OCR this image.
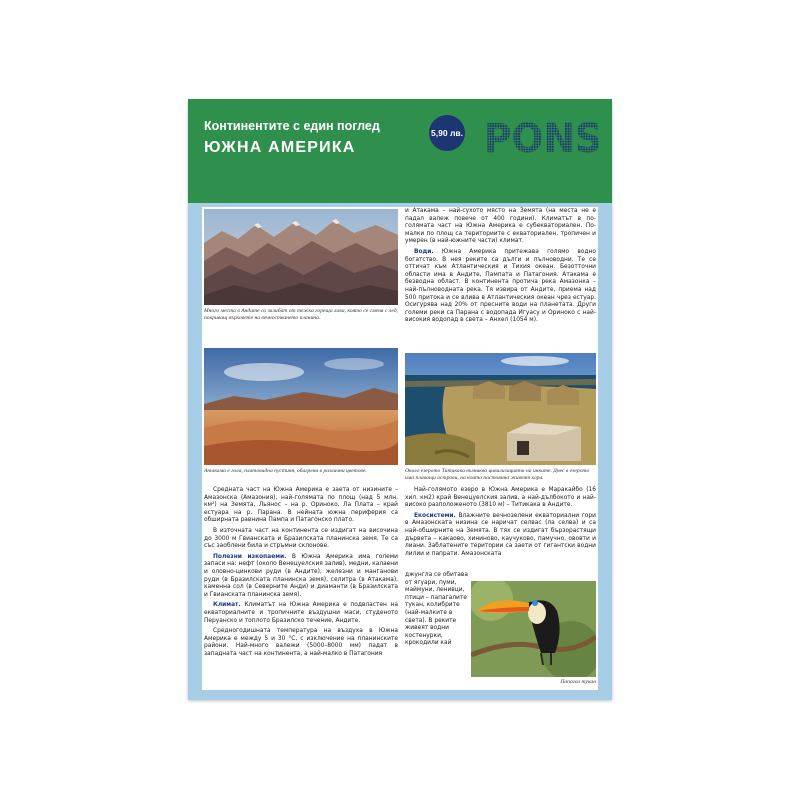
Континентите с един поглед
ЮЖНА АМЕРИКА
5,90 лв. PONS
Много места в Андите са залибат от тежка гореща лава, която се сменя с лед, покриващ върховете на вечностването планина.
Атакама е гола, платовидна пустиня, обагрена в различни цветове.

Средната част на Южна Америка е заета от низините – Амазонска (Амазония), най-голямата по площ (над 5 млн. км²) на Земята, Льянос – на р. Ориноко, Ла Плата – край естуара на р. Парана. В нейната южна периферия са обширната равнина Пампа и Патагонско плато.

В източната част на континента се издигат на височина до 3000 м Гвианската и Бразилската планинска земя. Те са със заоблени била и стръмни склонове.

Полезни изкопаеми. В Южна Америка има големи запаси на: нефт (около Венецуелския залив), медни, калаени и оловно-цинкови руди (в Андите), железни и манганови руди (в Бразилската планинска земя), селитра (в Атакама), каменна сол (в Северните Анди) и диаманти (в Бразилската и Гвианската планинска земя).

Климат. Климатът на Южна Америка е подвластен на екваториалните и тропичните въздушни маси, студеното Перуанско и топлото Бразилско течение, Андите.

Средногодишната температура на въздуха в Южна Америка е между 5 и 30 °С, с изключение на планинските райони. Най-много валежи (5000–8000 мм) падат в западната част на континента, а най-малко в Патагония

и Атакама – най-сухото място на Земята (на места не е падал валеж повече от 400 години). Климатът в по-голямата част на Южна Америка е субекваториален. По-малки по площ са териториите с екваториален, тропичен и умерен (в най-южните части) климат.

Води. Южна Америка притежава голямо водно богатство. В нея реките са дълги и пълноводни. Те се оттичат към Атлантическия и Тихия океан. Безотточни области има в Андите, Пампата и Патагония. Атакама е безводна област. В континента протича река Амазонка – най-пълноводната река. Тя извира от Андите, приема над 500 притока и се влива в Атлантическия океан чрез естуар. Осигурява над 20% от пресните води на планетата. Други големи реки са Парана с водопада Игуасу и Ориноко с най-високия водопад в света – Анхел (1054 м).

Около езерото Титикака възниква цивилизацията на инките. Днес в езерото има плаващи острови, на които постоянно живеят хора.

Най-голямото езеро в Южна Америка е Маракайбо (16 хил. км2) край Венецуелския залив, а най-дълбокото и най-високо разположеното (3810 м) – Титикака в Андите.

Екосистеми. Влажните вечнозелени екваториални гори в Амазонската низина се наричат селвас (ла селва) и са най-обширните на Земята. В тях се издигат бързорастящи дървета – какаово, хининово, каучуково, памучно, ововти и лиани. Заблатените територии са заети от гигантски водни лилии и папрати. Амазонската

джунгла се обитава от ягуари, пуми, маймуни, ленивци, птици – папагалите тукан, колибрите (най-малките в света). В реките живеят водни костенурки, крокодили кай

Папагал тукан
